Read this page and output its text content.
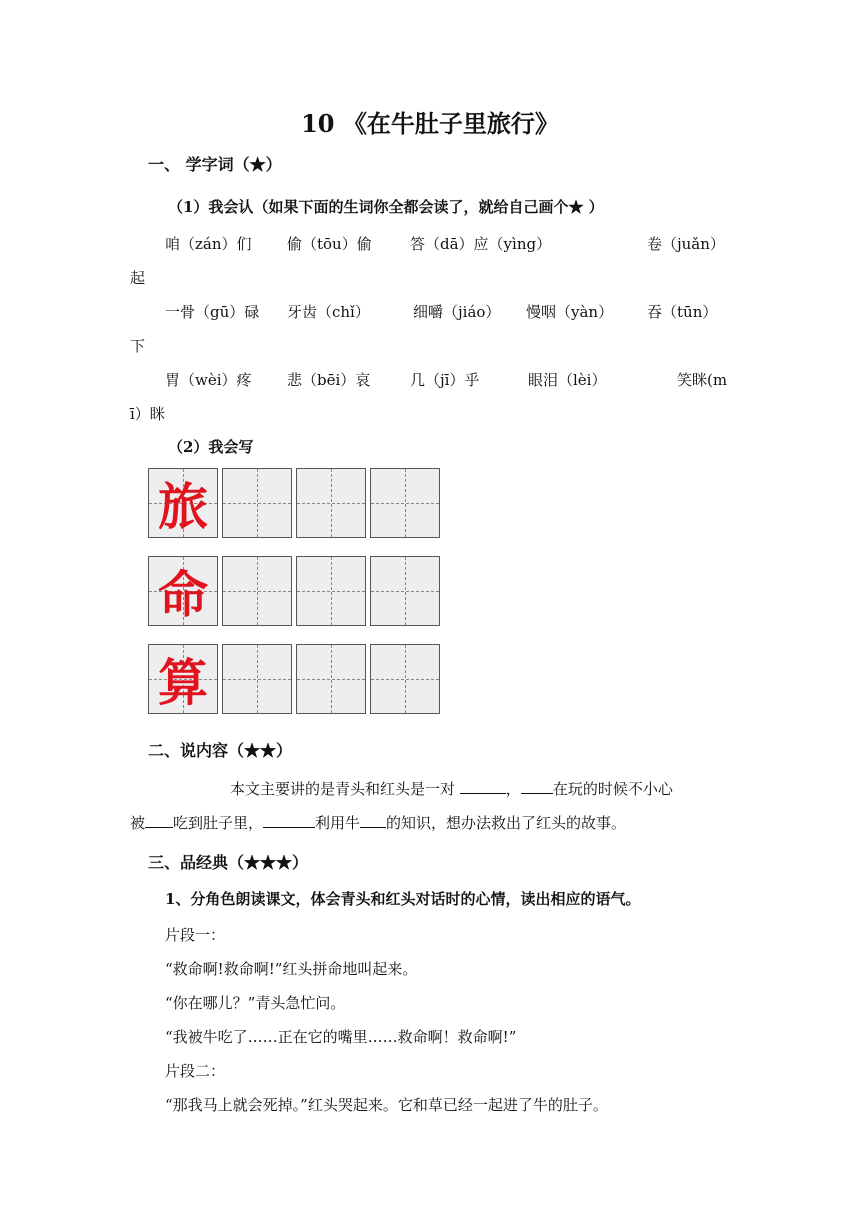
10 《在牛肚子里旅行》
一、 学字词（★）
（1）我会认（如果下面的生词你全都会读了，就给自己画个★ ）
咱（zán）们 偷（tōu）偷	答（dā）应（yìng）	卷（juǎn）
起
一骨（gū）碌 牙齿（chǐ）	细嚼（jiáo） 慢咽（yàn） 吞（tūn）
下
胃（wèi）疼 悲（bēi）哀	几（jī）乎	眼泪（lèi）	笑眯(m
ī）眯
（2）我会写
旅
命
算
二、说内容（★★）
本文主要讲的是青头和红头是一对	， 在玩的时候不小心
被 吃到肚子里，	利用牛 的知识，想办法救出了红头的故事。
三、品经典（★★★）
1、分角色朗读课文，体会青头和红头对话时的心情，读出相应的语气。
片段一：
“救命啊!救命啊!”红头拼命地叫起来。
“你在哪儿？”青头急忙问。
“我被牛吃了……正在它的嘴里……救命啊！救命啊!”
片段二：
“那我马上就会死掉。”红头哭起来。它和草已经一起进了牛的肚子。
